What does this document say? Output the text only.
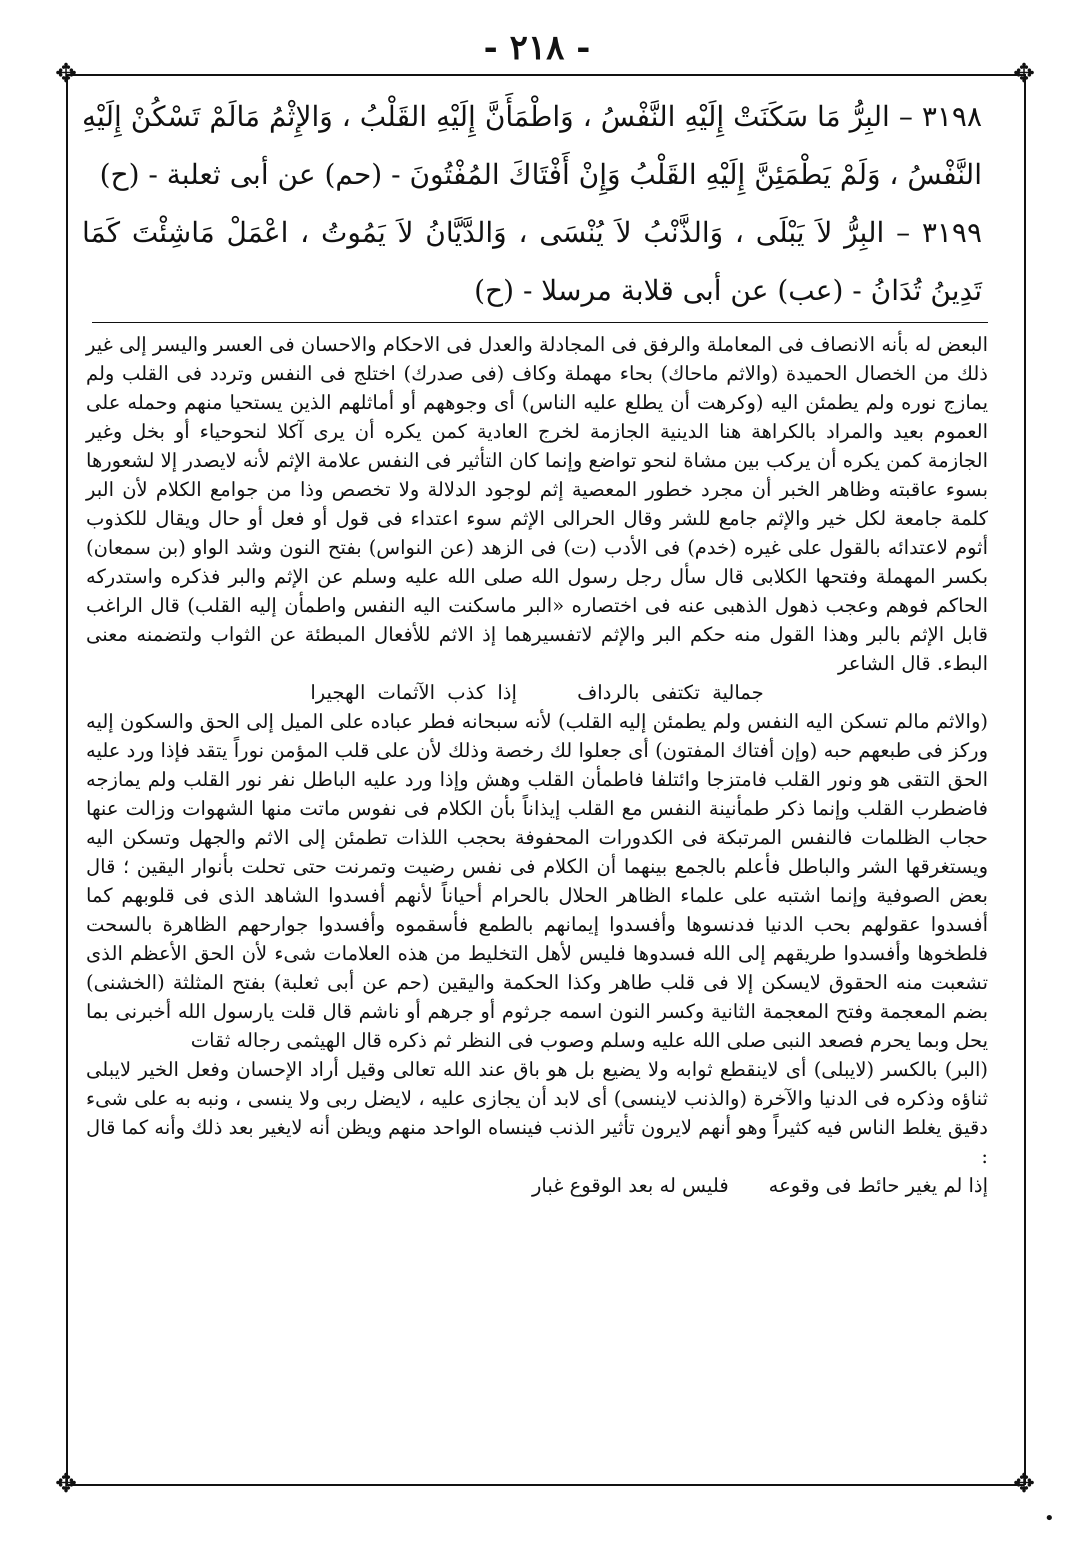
- ٢١٨ -
✥	✥
✥	✥

٣١٩٨ – البِرُّ مَا سَكَنَتْ إِلَيْهِ النَّفْسُ ، وَاطْمَأَنَّ إِلَيْهِ القَلْبُ ، وَالإِثْمُ مَالَمْ تَسْكُنْ إِلَيْهِ النَّفْسُ ، وَلَمْ يَطْمَئِنَّ إِلَيْهِ القَلْبُ وَإِنْ أَفْتَاكَ المُفْتُونَ - (حم) عن أبى ثعلبة - (ح)

٣١٩٩ – البِرُّ لاَ يَبْلَى ، وَالذَّنْبُ لاَ يُنْسَى ، وَالدَّيَّانُ لاَ يَمُوتُ ، اعْمَلْ مَاشِئْتَ كَمَا تَدِينُ تُدَانُ - (عب) عن أبى قلابة مرسلا - (ح)

البعض له بأنه الانصاف فى المعاملة والرفق فى المجادلة والعدل فى الاحكام والاحسان فى العسر واليسر إلى غير ذلك من الخصال الحميدة (والاثم ماحاك) بحاء مهملة وكاف (فى صدرك) اختلج فى النفس وتردد فى القلب ولم يمازج نوره ولم يطمئن اليه (وكرهت أن يطلع عليه الناس) أى وجوههم أو أماثلهم الذين يستحيا منهم وحمله على العموم بعيد والمراد بالكراهة هنا الدينية الجازمة لخرج العادية كمن يكره أن يرى آكلا لنحوحياء أو بخل وغير الجازمة كمن يكره أن يركب بين مشاة لنحو تواضع وإنما كان التأثير فى النفس علامة الإثم لأنه لايصدر إلا لشعورها بسوء عاقبته وظاهر الخبر أن مجرد خطور المعصية إثم لوجود الدلالة ولا تخصص وذا من جوامع الكلام لأن البر كلمة جامعة لكل خير والإثم جامع للشر وقال الحرالى الإثم سوء اعتداء فى قول أو فعل أو حال ويقال للكذوب أثوم لاعتدائه بالقول على غيره (خدم) فى الأدب (ت) فى الزهد (عن النواس) بفتح النون وشد الواو (بن سمعان) بكسر المهملة وفتحها الكلابى قال سأل رجل رسول الله صلى الله عليه وسلم عن الإثم والبر فذكره واستدركه الحاكم فوهم وعجب ذهول الذهبى عنه فى اختصاره «البر ماسكنت اليه النفس واطمأن إليه القلب) قال الراغب قابل الإثم بالبر وهذا القول منه حكم البر والإثم لاتفسيرهما إذ الاثم للأفعال المبطئة عن الثواب ولتضمنه معنى البطء. قال الشاعر

جمالية تكتفى بالرداف إذا كذب الآثمات الهجيرا

(والاثم مالم تسكن اليه النفس ولم يطمئن إليه القلب) لأنه سبحانه فطر عباده على الميل إلى الحق والسكون إليه وركز فى طبعهم حبه (وإن أفتاك المفتون) أى جعلوا لك رخصة وذلك لأن على قلب المؤمن نوراً يتقد فإذا ورد عليه الحق التقى هو ونور القلب فامتزجا وائتلفا فاطمأن القلب وهش وإذا ورد عليه الباطل نفر نور القلب ولم يمازجه فاضطرب القلب وإنما ذكر طمأنينة النفس مع القلب إيذاناً بأن الكلام فى نفوس ماتت منها الشهوات وزالت عنها حجاب الظلمات فالنفس المرتبكة فى الكدورات المحفوفة بحجب اللذات تطمئن إلى الاثم والجهل وتسكن اليه ويستغرقها الشر والباطل فأعلم بالجمع بينهما أن الكلام فى نفس رضيت وتمرنت حتى تحلت بأنوار اليقين ؛ قال بعض الصوفية وإنما اشتبه على علماء الظاهر الحلال بالحرام أحياناً لأنهم أفسدوا الشاهد الذى فى قلوبهم كما أفسدوا عقولهم بحب الدنيا فدنسوها وأفسدوا إيمانهم بالطمع فأسقموه وأفسدوا جوارحهم الظاهرة بالسحت فلطخوها وأفسدوا طريقهم إلى الله فسدوها فليس لأهل التخليط من هذه العلامات شىء لأن الحق الأعظم الذى تشعبت منه الحقوق لايسكن إلا فى قلب طاهر وكذا الحكمة واليقين (حم عن أبى ثعلبة) بفتح المثلثة (الخشنى) بضم المعجمة وفتح المعجمة الثانية وكسر النون اسمه جرثوم أو جرهم أو ناشم قال قلت يارسول الله أخبرنى بما يحل وبما يحرم فصعد النبى صلى الله عليه وسلم وصوب فى النظر ثم ذكره قال الهيثمى رجاله ثقات

(البر) بالكسر (لايبلى) أى لاينقطع ثوابه ولا يضيع بل هو باق عند الله تعالى وقيل أراد الإحسان وفعل الخير لايبلى ثناؤه وذكره فى الدنيا والآخرة (والذنب لاينسى) أى لابد أن يجازى عليه ، لايضل ربى ولا ينسى ، ونبه به على شىء دقيق يغلط الناس فيه كثيراً وهو أنهم لايرون تأثير الذنب فينساه الواحد منهم ويظن أنه لايغير بعد ذلك وأنه كما قال :

إذا لم يغير حائط فى وقوعه
فليس له بعد الوقوع غبار

•
